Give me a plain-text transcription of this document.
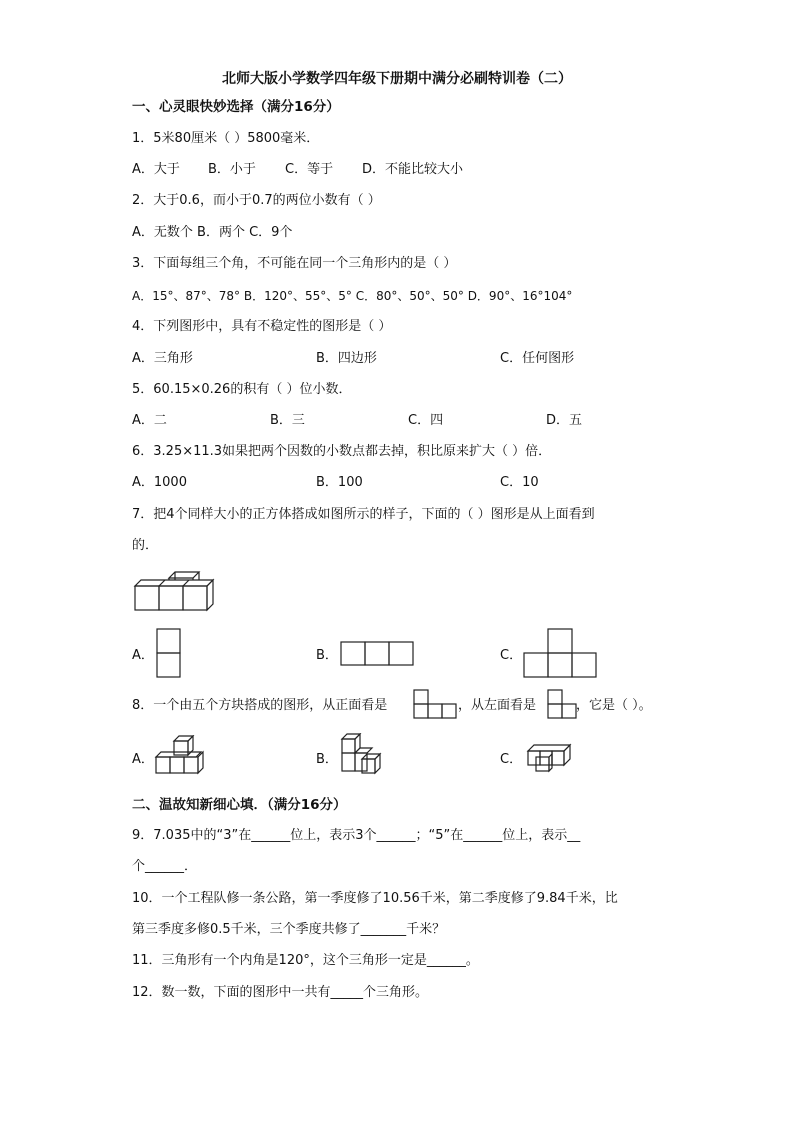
北师大版小学数学四年级下册期中满分必刷特训卷（二）
一、心灵眼快妙选择（满分16分）
1．5米80厘米（ ）5800毫米．
A．大于 B．小于 C．等于 D．不能比较大小
2．大于0.6，而小于0.7的两位小数有（ ）
A．无数个 B．两个 C．9个
3．下面每组三个角，不可能在同一个三角形内的是（ ）
A．15°、87°、78° B．120°、55°、5° C．80°、50°、50° D．90°、16°104°
4．下列图形中，具有不稳定性的图形是（ ）
A．三角形	B．四边形	C．任何图形
5．60.15×0.26的积有（ ）位小数．
A．二	B．三	C．四	D．五
6．3.25×11.3如果把两个因数的小数点都去掉，积比原来扩大（ ）倍．
A．1000	B．100	C．10
7．把4个同样大小的正方体搭成如图所示的样子，下面的（ ）图形是从上面看到
的．
A．	B．	C．
8．一个由五个方块搭成的图形，从正面看是	，从左面看是	，它是（ ）。
A．	B．	C．
二、温故知新细心填．（满分16分）
9．7.035中的“3”在______位上，表示3个______；“5”在______位上，表示__
个______．
10．一个工程队修一条公路，第一季度修了10.56千米，第二季度修了9.84千米，比
第三季度多修0.5千米，三个季度共修了_______千米？
11．三角形有一个内角是120°，这个三角形一定是______。
12．数一数，下面的图形中一共有_____个三角形。
